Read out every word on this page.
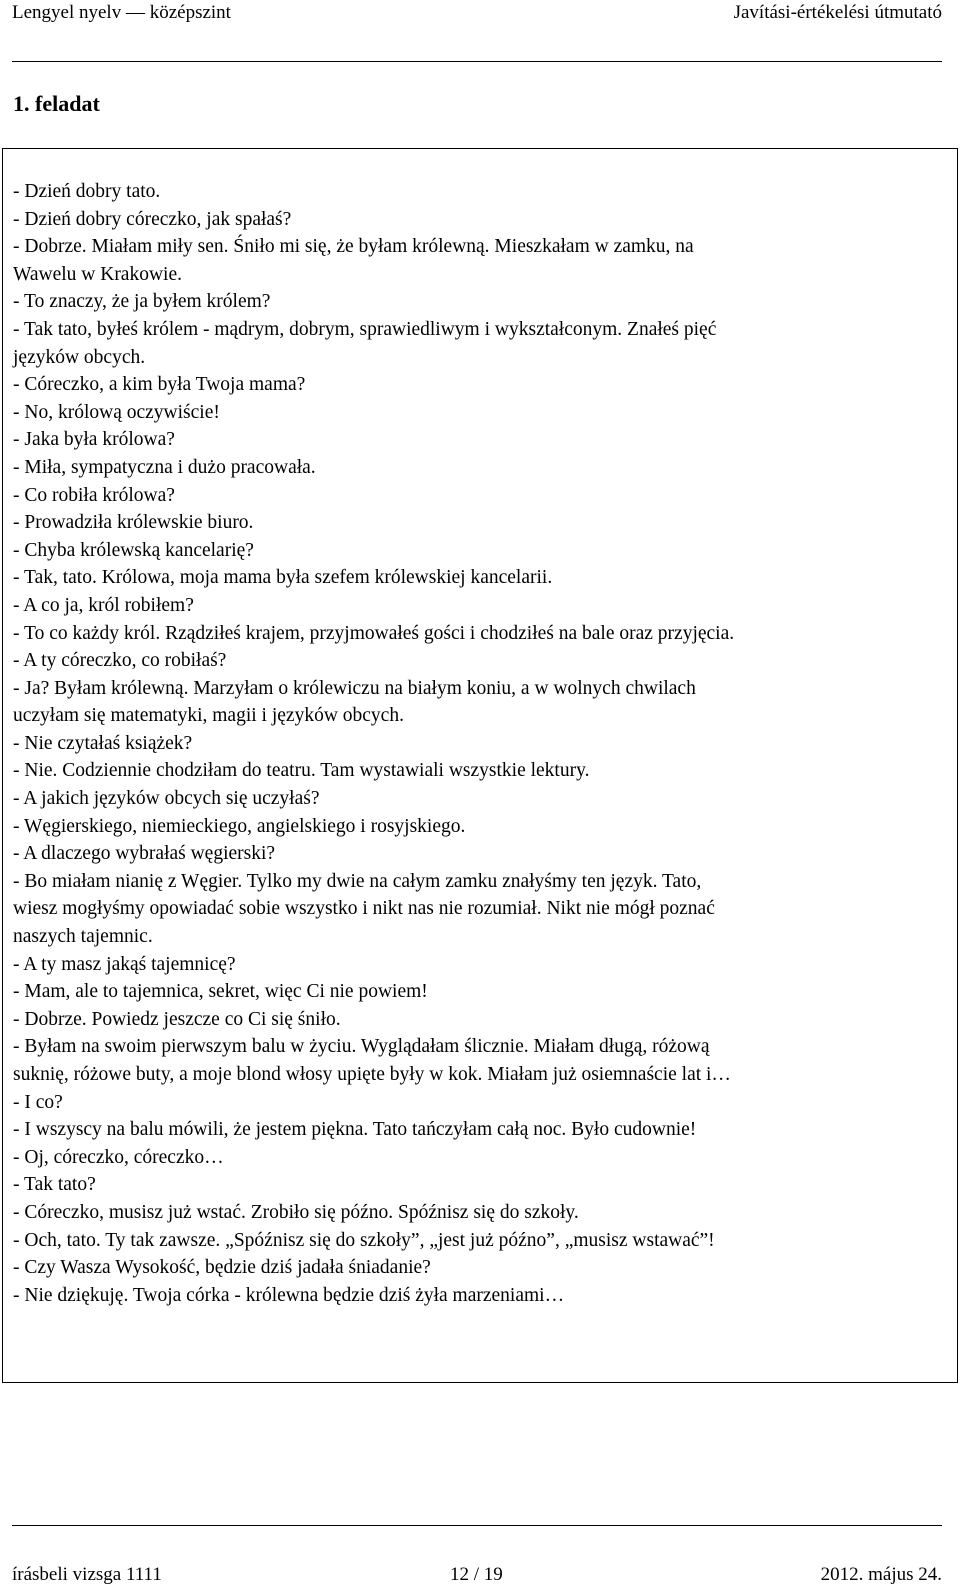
Lengyel nyelv — középszint	Javítási-értékelési útmutató
1. feladat
- Dzień dobry tato.
- Dzień dobry córeczko, jak spałaś?
- Dobrze. Miałam miły sen. Śniło mi się, że byłam królewną. Mieszkałam w zamku, na
Wawelu w Krakowie.
- To znaczy, że ja byłem królem?
- Tak tato, byłeś królem - mądrym, dobrym, sprawiedliwym i wykształconym. Znałeś pięć
języków obcych.
- Córeczko, a kim była Twoja mama?
- No, królową oczywiście!
- Jaka była królowa?
- Miła, sympatyczna i dużo pracowała.
- Co robiła królowa?
- Prowadziła królewskie biuro.
- Chyba królewską kancelarię?
- Tak, tato. Królowa, moja mama była szefem królewskiej kancelarii.
- A co ja, król robiłem?
- To co każdy król. Rządziłeś krajem, przyjmowałeś gości i chodziłeś na bale oraz przyjęcia.
- A ty córeczko, co robiłaś?
- Ja? Byłam królewną. Marzyłam o królewiczu na białym koniu, a w wolnych chwilach
uczyłam się matematyki, magii i języków obcych.
- Nie czytałaś książek?
- Nie. Codziennie chodziłam do teatru. Tam wystawiali wszystkie lektury.
- A jakich języków obcych się uczyłaś?
- Węgierskiego, niemieckiego, angielskiego i rosyjskiego.
- A dlaczego wybrałaś węgierski?
- Bo miałam nianię z Węgier. Tylko my dwie na całym zamku znałyśmy ten język. Tato,
wiesz mogłyśmy opowiadać sobie wszystko i nikt nas nie rozumiał. Nikt nie mógł poznać
naszych tajemnic.
- A ty masz jakąś tajemnicę?
- Mam, ale to tajemnica, sekret, więc Ci nie powiem!
- Dobrze. Powiedz jeszcze co Ci się śniło.
- Byłam na swoim pierwszym balu w życiu. Wyglądałam ślicznie. Miałam długą, różową
suknię, różowe buty, a moje blond włosy upięte były w kok. Miałam już osiemnaście lat i…
- I co?
- I wszyscy na balu mówili, że jestem piękna. Tato tańczyłam całą noc. Było cudownie!
- Oj, córeczko, córeczko…
- Tak tato?
- Córeczko, musisz już wstać. Zrobiło się późno. Spóźnisz się do szkoły.
- Och, tato. Ty tak zawsze. „Spóźnisz się do szkoły”, „jest już późno”, „musisz wstawać”!
- Czy Wasza Wysokość, będzie dziś jadała śniadanie?
- Nie dziękuję. Twoja córka - królewna będzie dziś żyła marzeniami…
írásbeli vizsga 1111	12 / 19	2012. május 24.
